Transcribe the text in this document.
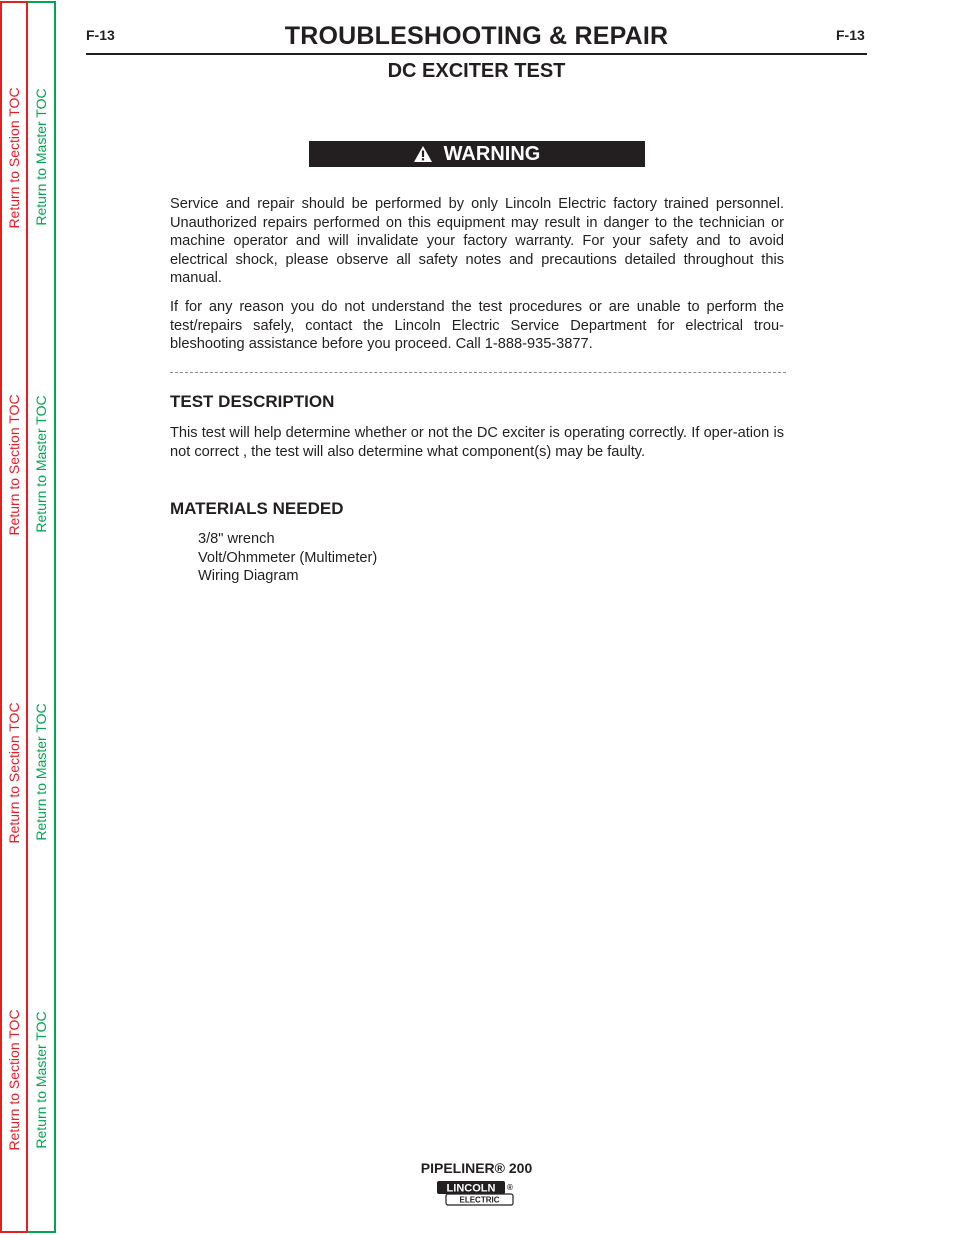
Return to Section TOC
Return to Section TOC
Return to Section TOC
Return to Section TOC
Return to Master TOC
Return to Master TOC
Return to Master TOC
Return to Master TOC
F-13	TROUBLESHOOTING & REPAIR	F-13
DC EXCITER TEST
WARNING

Service and repair should be performed by only Lincoln Electric factory trained personnel. Unauthorized repairs performed on this equipment may result in danger to the technician or machine operator and will invalidate your factory warranty. For your safety and to avoid electrical shock, please observe all safety notes and precautions detailed throughout this manual.

If for any reason you do not understand the test procedures or are unable to perform the test/repairs safely, contact the Lincoln Electric Service Department for electrical trou-bleshooting assistance before you proceed. Call 1-888-935-3877.

TEST DESCRIPTION

This test will help determine whether or not the DC exciter is operating correctly. If oper-ation is not correct , the test will also determine what component(s) may be faulty.

MATERIALS NEEDED
3/8" wrench
Volt/Ohmmeter (Multimeter)
Wiring Diagram
PIPELINER® 200
LINCOLN ®
ELECTRIC
